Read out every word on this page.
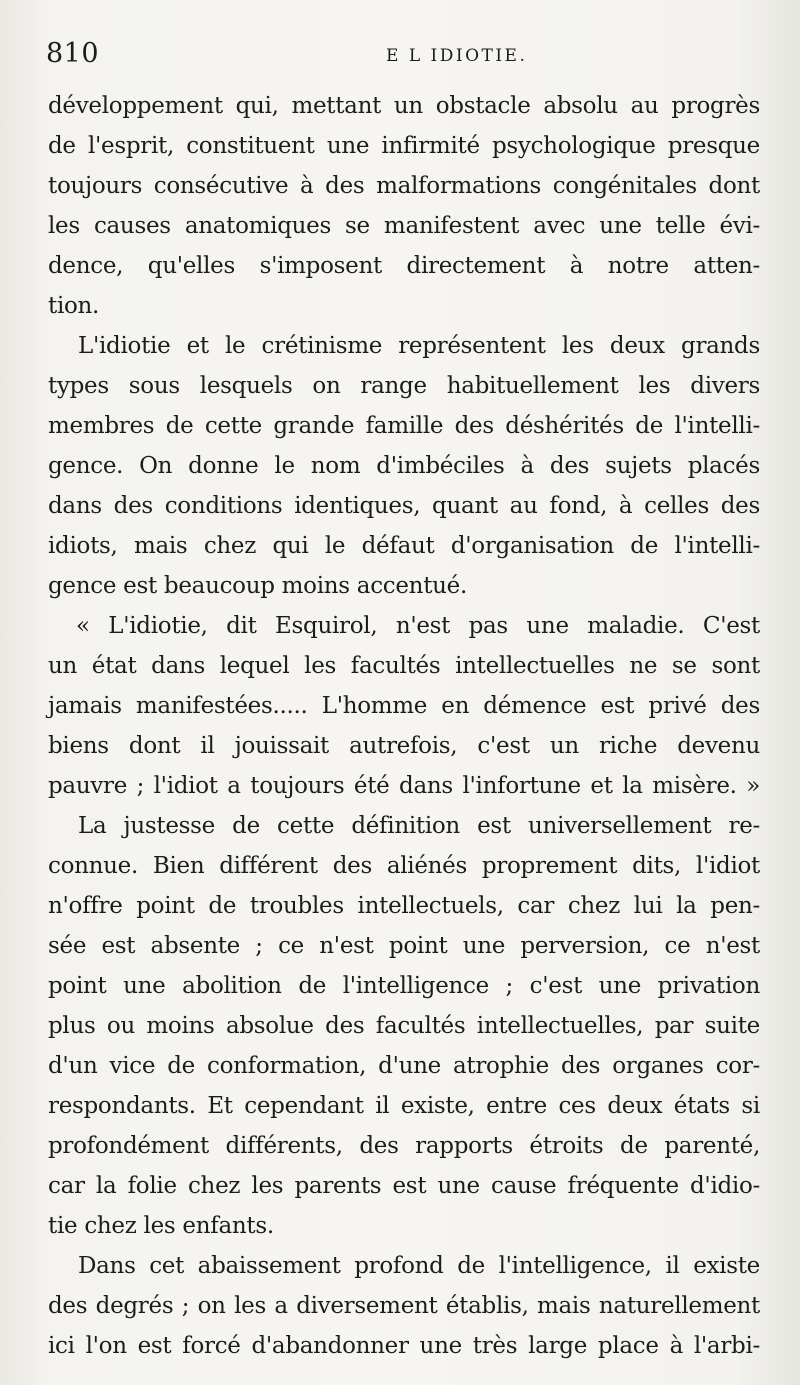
810	E L IDIOTIE.
développement qui, mettant un obstacle absolu au progrès
de l'esprit, constituent une infirmité psychologique presque
toujours consécutive à des malformations congénitales dont
les causes anatomiques se manifestent avec une telle évi-
dence, qu'elles s'imposent directement à notre atten-
tion.
L'idiotie et le crétinisme représentent les deux grands
types sous lesquels on range habituellement les divers
membres de cette grande famille des déshérités de l'intelli-
gence. On donne le nom d'imbéciles à des sujets placés
dans des conditions identiques, quant au fond, à celles des
idiots, mais chez qui le défaut d'organisation de l'intelli-
gence est beaucoup moins accentué.
« L'idiotie, dit Esquirol, n'est pas une maladie. C'est
un état dans lequel les facultés intellectuelles ne se sont
jamais manifestées..... L'homme en démence est privé des
biens dont il jouissait autrefois, c'est un riche devenu
pauvre ; l'idiot a toujours été dans l'infortune et la misère. »
La justesse de cette définition est universellement re-
connue. Bien différent des aliénés proprement dits, l'idiot
n'offre point de troubles intellectuels, car chez lui la pen-
sée est absente ; ce n'est point une perversion, ce n'est
point une abolition de l'intelligence ; c'est une privation
plus ou moins absolue des facultés intellectuelles, par suite
d'un vice de conformation, d'une atrophie des organes cor-
respondants. Et cependant il existe, entre ces deux états si
profondément différents, des rapports étroits de parenté,
car la folie chez les parents est une cause fréquente d'idio-
tie chez les enfants.
Dans cet abaissement profond de l'intelligence, il existe
des degrés ; on les a diversement établis, mais naturellement
ici l'on est forcé d'abandonner une très large place à l'arbi-
